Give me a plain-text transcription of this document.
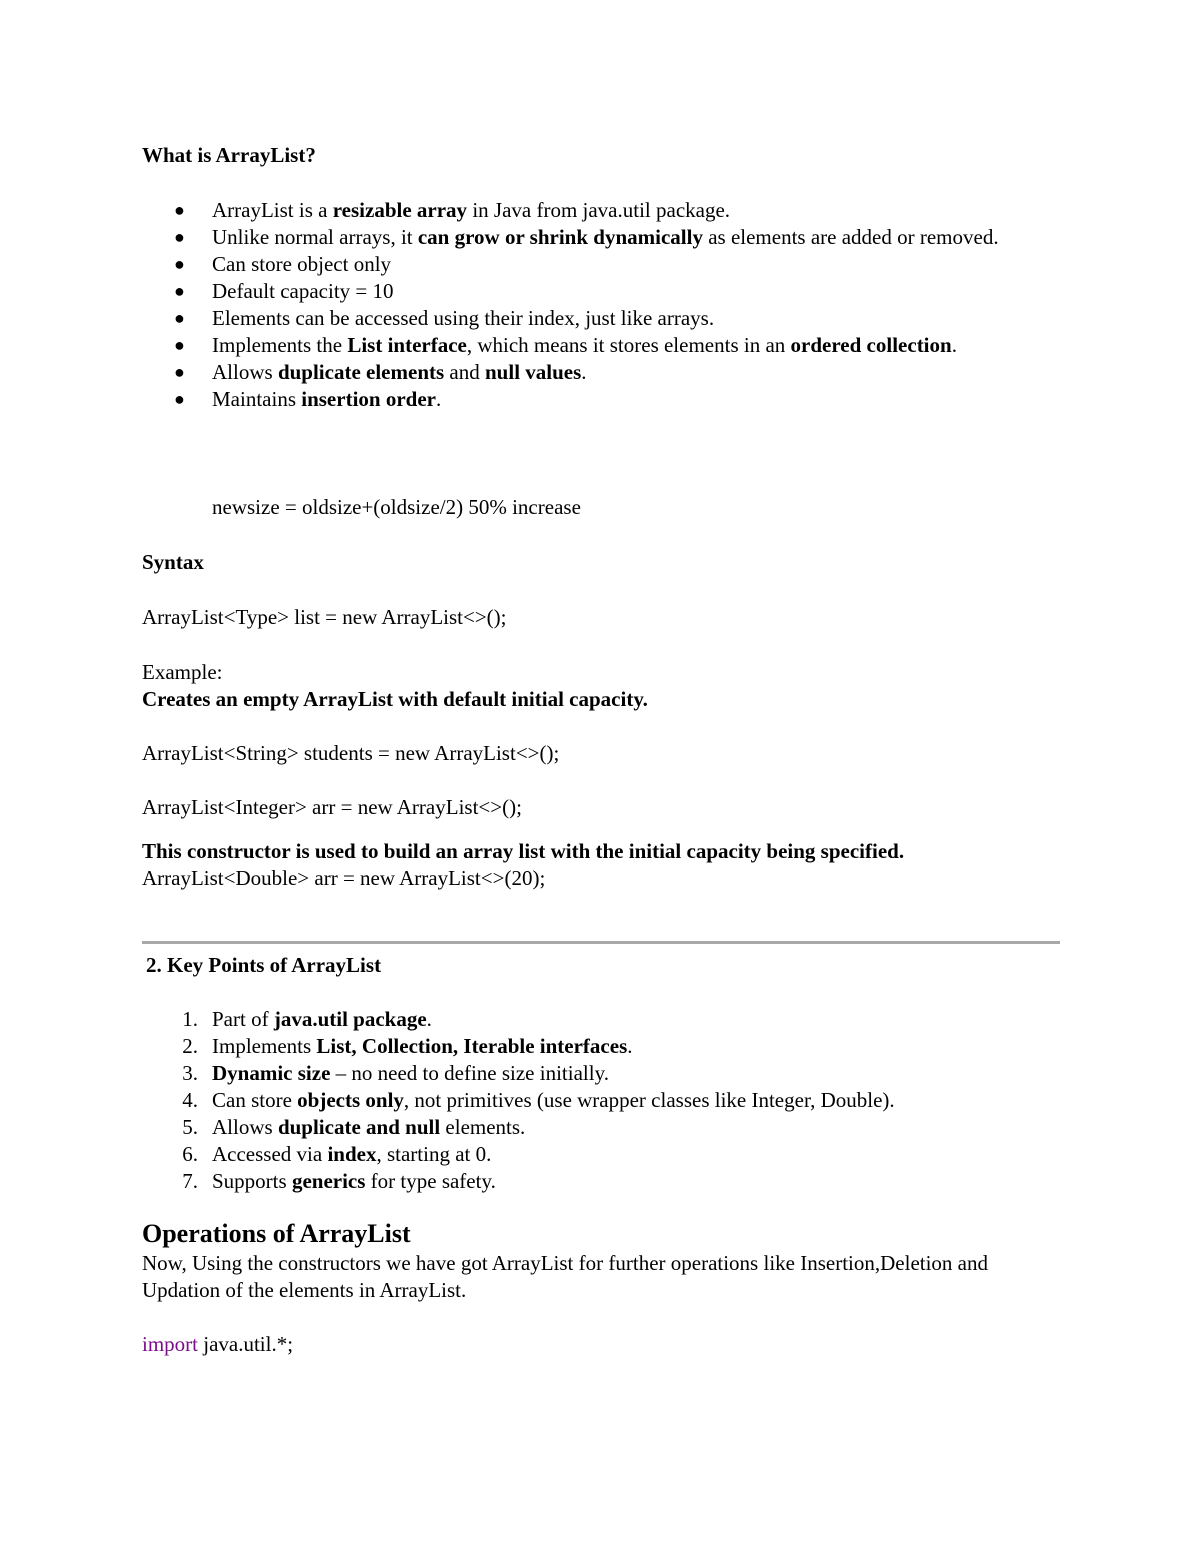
What is ArrayList?

● ArrayList is a resizable array in Java from java.util package.
● Unlike normal arrays, it can grow or shrink dynamically as elements are added or removed.
● Can store object only
● Default capacity = 10
● Elements can be accessed using their index, just like arrays.
● Implements the List interface, which means it stores elements in an ordered collection.
● Allows duplicate elements and null values.
● Maintains insertion order.

newsize = oldsize+(oldsize/2) 50% increase

Syntax

ArrayList<Type> list = new ArrayList<>();

Example:

Creates an empty ArrayList with default initial capacity.

ArrayList<String> students = new ArrayList<>();

ArrayList<Integer> arr = new ArrayList<>();

This constructor is used to build an array list with the initial capacity being specified.

ArrayList<Double> arr = new ArrayList<>(20);

2. Key Points of ArrayList

1. Part of java.util package.
2. Implements List, Collection, Iterable interfaces.
3. Dynamic size – no need to define size initially.
4. Can store objects only, not primitives (use wrapper classes like Integer, Double).
5. Allows duplicate and null elements.
6. Accessed via index, starting at 0.
7. Supports generics for type safety.

Operations of ArrayList

Now, Using the constructors we have got ArrayList for further operations like Insertion,Deletion and Updation of the elements in ArrayList.

import java.util.*;
